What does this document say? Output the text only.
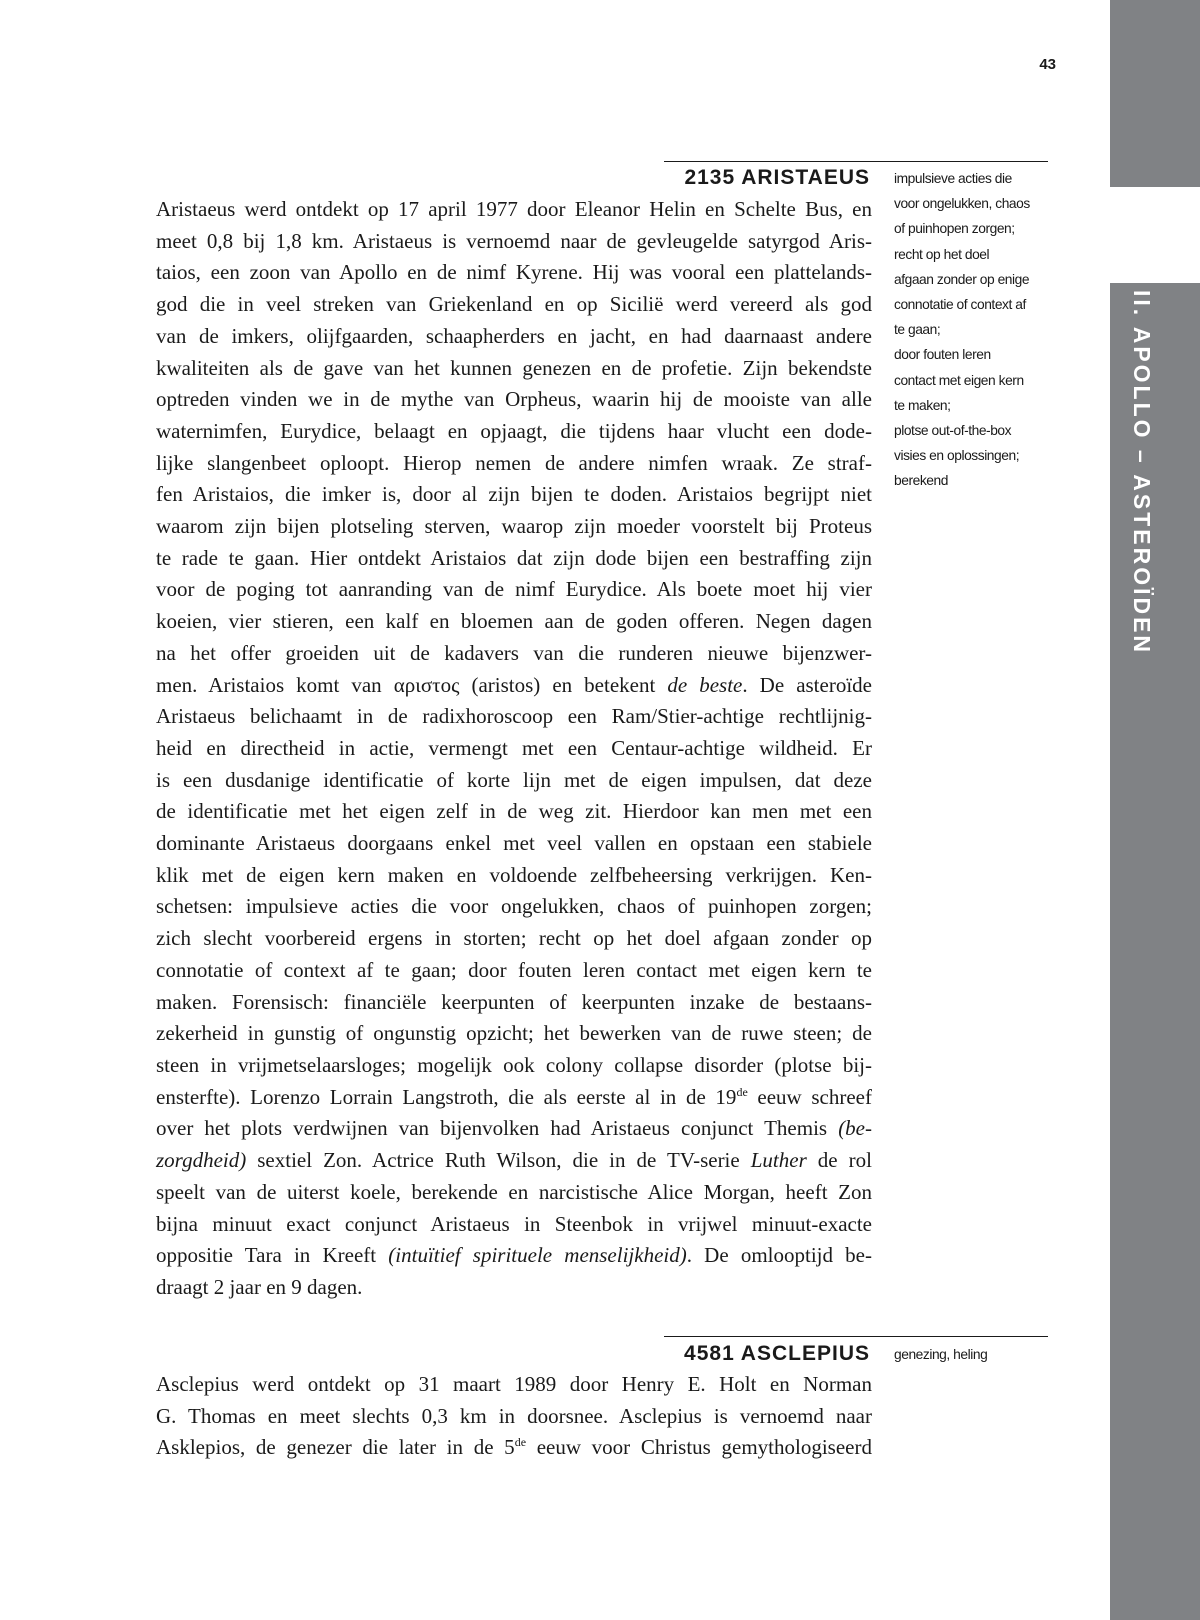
II. APOLLO – ASTEROÏDEN
43
2135 ARISTAEUS impulsieve acties die
voor ongelukken, chaos
of puinhopen zorgen;
recht op het doel
afgaan zonder op enige
connotatie of context af
te gaan;
door fouten leren
contact met eigen kern
te maken;
plotse out-of-the-box
visies en oplossingen;
berekend
Aristaeus werd ontdekt op 17 april 1977 door Eleanor Helin en Schelte Bus, en
meet 0,8 bij 1,8 km. Aristaeus is vernoemd naar de gevleugelde satyrgod Aris-
taios, een zoon van Apollo en de nimf Kyrene. Hij was vooral een plattelands-
god die in veel streken van Griekenland en op Sicilië werd vereerd als god
van de imkers, olijfgaarden, schaapherders en jacht, en had daarnaast andere
kwaliteiten als de gave van het kunnen genezen en de profetie. Zijn bekendste
optreden vinden we in de mythe van Orpheus, waarin hij de mooiste van alle
waternimfen, Eurydice, belaagt en opjaagt, die tijdens haar vlucht een dode-
lijke slangenbeet oploopt. Hierop nemen de andere nimfen wraak. Ze straf-
fen Aristaios, die imker is, door al zijn bijen te doden. Aristaios begrijpt niet
waarom zijn bijen plotseling sterven, waarop zijn moeder voorstelt bij Proteus
te rade te gaan. Hier ontdekt Aristaios dat zijn dode bijen een bestraffing zijn
voor de poging tot aanranding van de nimf Eurydice. Als boete moet hij vier
koeien, vier stieren, een kalf en bloemen aan de goden offeren. Negen dagen
na het offer groeiden uit de kadavers van die runderen nieuwe bijenzwer-
men. Aristaios komt van αριστος (aristos) en betekent de beste. De asteroïde
Aristaeus belichaamt in de radixhoroscoop een Ram/Stier-achtige rechtlijnig-
heid en directheid in actie, vermengt met een Centaur-achtige wildheid. Er
is een dusdanige identificatie of korte lijn met de eigen impulsen, dat deze
de identificatie met het eigen zelf in de weg zit. Hierdoor kan men met een
dominante Aristaeus doorgaans enkel met veel vallen en opstaan een stabiele
klik met de eigen kern maken en voldoende zelfbeheersing verkrijgen. Ken-
schetsen: impulsieve acties die voor ongelukken, chaos of puinhopen zorgen;
zich slecht voorbereid ergens in storten; recht op het doel afgaan zonder op
connotatie of context af te gaan; door fouten leren contact met eigen kern te
maken. Forensisch: financiële keerpunten of keerpunten inzake de bestaans-
zekerheid in gunstig of ongunstig opzicht; het bewerken van de ruwe steen; de
steen in vrijmetselaarsloges; mogelijk ook colony collapse disorder (plotse bij-
ensterfte). Lorenzo Lorrain Langstroth, die als eerste al in de 19de eeuw schreef
over het plots verdwijnen van bijenvolken had Aristaeus conjunct Themis (be-
zorgdheid) sextiel Zon. Actrice Ruth Wilson, die in de TV-serie Luther de rol
speelt van de uiterst koele, berekende en narcistische Alice Morgan, heeft Zon
bijna minuut exact conjunct Aristaeus in Steenbok in vrijwel minuut-exacte
oppositie Tara in Kreeft (intuïtief spirituele menselijkheid). De omlooptijd be-
draagt 2 jaar en 9 dagen.
4581 ASCLEPIUS genezing, heling
Asclepius werd ontdekt op 31 maart 1989 door Henry E. Holt en Norman
G. Thomas en meet slechts 0,3 km in doorsnee. Asclepius is vernoemd naar
Asklepios, de genezer die later in de 5de eeuw voor Christus gemythologiseerd
